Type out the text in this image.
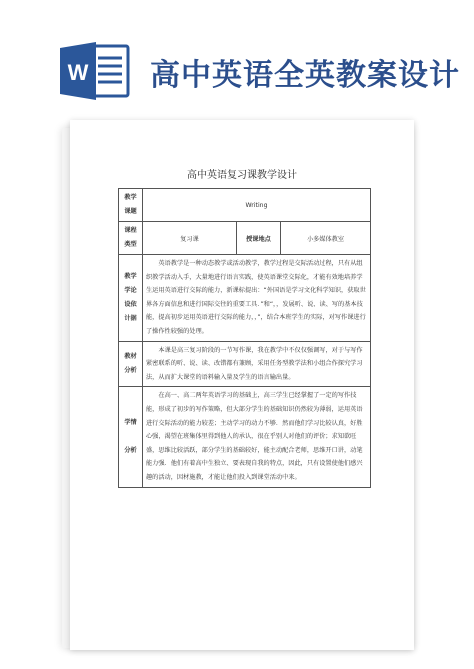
W 高中英语全英教案设计
高中英语复习课教学设计
教学课题	Writing		
课程类型	复习课	授课地点	小多媒体教室
教学学论设依计据	英语教学是一种动态教学或活动教学，教学过程是交际活动过程，只有从组织教学活动入手，大量地进行语言实践，使英语课堂交际化，才能有效地培养学生运用英语进行交际的能力，新课标提出：“外国语是学习文化科学知识，获取世界各方面信息和进行国际交往的重要工具．”和“，，发展听、说、读、写的基本技能，提高初步运用英语进行交际的能力，，”，结合本班学生的实际，对写作课进行了操作性较强的处理。		
教材分析	本课是高三复习阶段的一节写作课，我在教学中不仅仅强调写，对于与写作紧密联系的听、说、读、改错都有兼顾，采用任务型教学法和小组合作探究学习法，从而扩大课堂的语料输入量及学生的语言输出量。		
学情分析	在高一、高二两年英语学习的基础上，高三学生已经掌握了一定的写作技能，形成了初步的写作策略，但大部分学生的基础知识仍然较为薄弱，运用英语进行交际活动的能力较差；主动学习的动力不够．然而他们学习比较认真，好胜心强，渴望在班集体里得到他人的承认，很在乎别人对他们的评价；求知欲旺盛，思维比较活跃，部分学生的基础较好，能主动配合老师，思维开口讲，动笔能力强．他们有着高中生独立、要表现自我的特点，因此，只有设置使他们感兴趣的活动，因材施教，才能让他们投入到课堂活动中来。		
